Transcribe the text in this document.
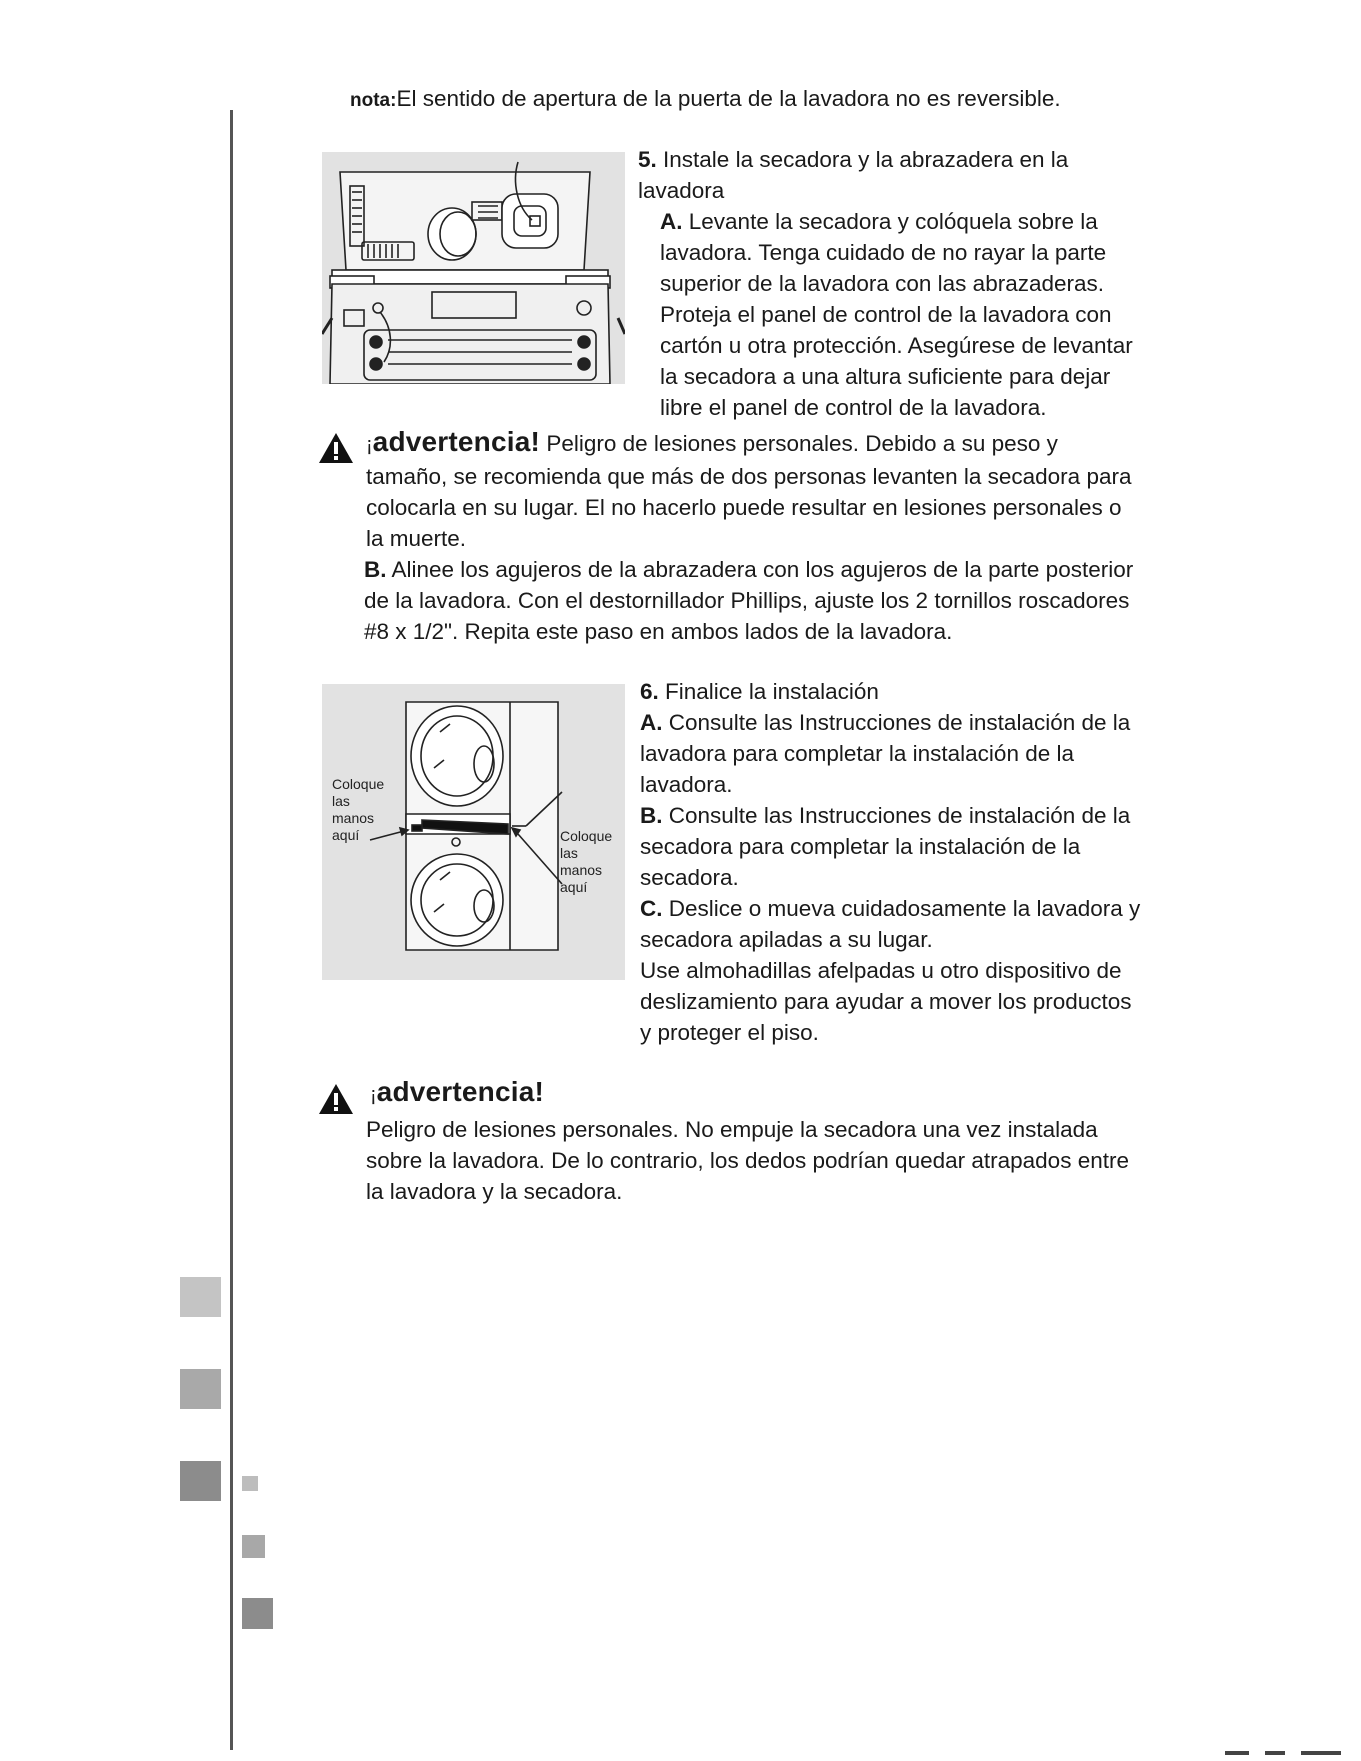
nota:El sentido de apertura de la puerta de la lavadora no es reversible.

5. Instale la secadora y la abrazadera en la lavadora

A. Levante la secadora y colóquela sobre la lavadora. Tenga cuidado de no rayar la parte superior de la lavadora con las abrazaderas. Proteja el panel de control de la lavadora con cartón u otra protección. Asegúrese de levantar la secadora a una altura suficiente para dejar libre el panel de control de la lavadora.

¡advertencia! Peligro de lesiones personales. Debido a su peso y tamaño, se recomienda que más de dos personas levanten la secadora para colocarla en su lugar. El no hacerlo puede resultar en lesiones personales o la muerte.

B. Alinee los agujeros de la abrazadera con los agujeros de la parte posterior de la lavadora. Con el destornillador Phillips, ajuste los 2 tornillos roscadores #8 x 1/2". Repita este paso en ambos lados de la lavadora.

Coloque
las
manos
aquí	Coloque
las
manos
aquí

6. Finalice la instalación

A. Consulte las Instrucciones de instalación de la lavadora para completar la instalación de la lavadora.

B. Consulte las Instrucciones de instalación de la secadora para completar la instalación de la secadora.

C. Deslice o mueva cuidadosamente la lavadora y secadora apiladas a su lugar.

Use almohadillas afelpadas u otro dispositivo de deslizamiento para ayudar a mover los productos y proteger el piso.

¡advertencia!
Peligro de lesiones personales. No empuje la secadora una vez instalada sobre la lavadora. De lo contrario, los dedos podrían quedar atrapados entre la lavadora y la secadora.
